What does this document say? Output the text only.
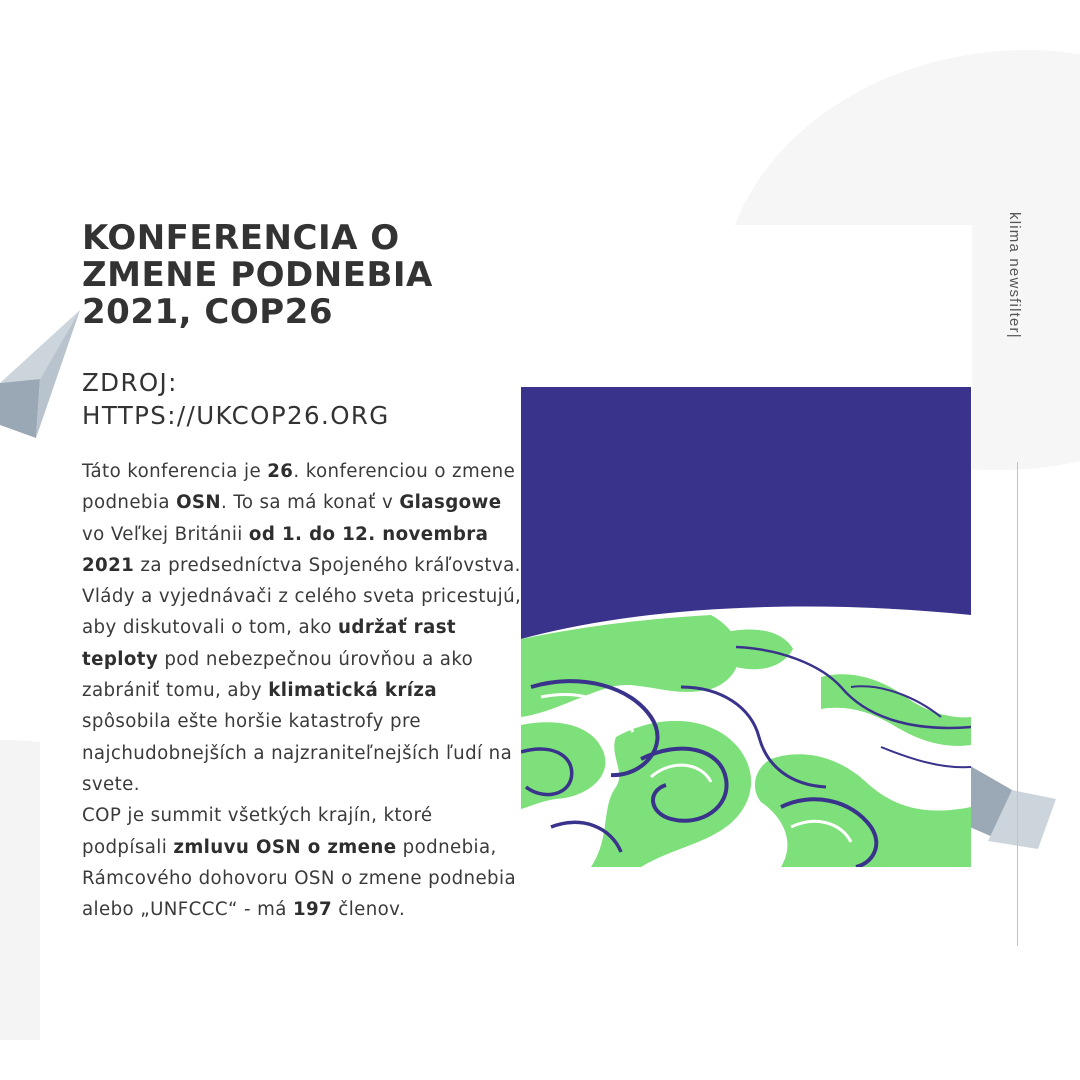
KONFERENCIA O
ZMENE PODNEBIA
2021, COP26
ZDROJ:
HTTPS://UKCOP26.ORG

Táto konferencia je 26. konferenciou o zmene podnebia OSN. To sa má konať v Glasgowe vo Veľkej Británii od 1. do 12. novembra 2021 za predsedníctva Spojeného kráľovstva.

Vlády a vyjednávači z celého sveta pricestujú, aby diskutovali o tom, ako udržať rast teploty pod nebezpečnou úrovňou a ako zabrániť tomu, aby klimatická kríza spôsobila ešte horšie katastrofy pre najchudobnejších a najzraniteľnejších ľudí na svete.

COP je summit všetkých krajín, ktoré podpísali zmluvu OSN o zmene podnebia, Rámcového dohovoru OSN o zmene podnebia alebo „UNFCCC“ - má 197 členov.

klima newsfilter|
